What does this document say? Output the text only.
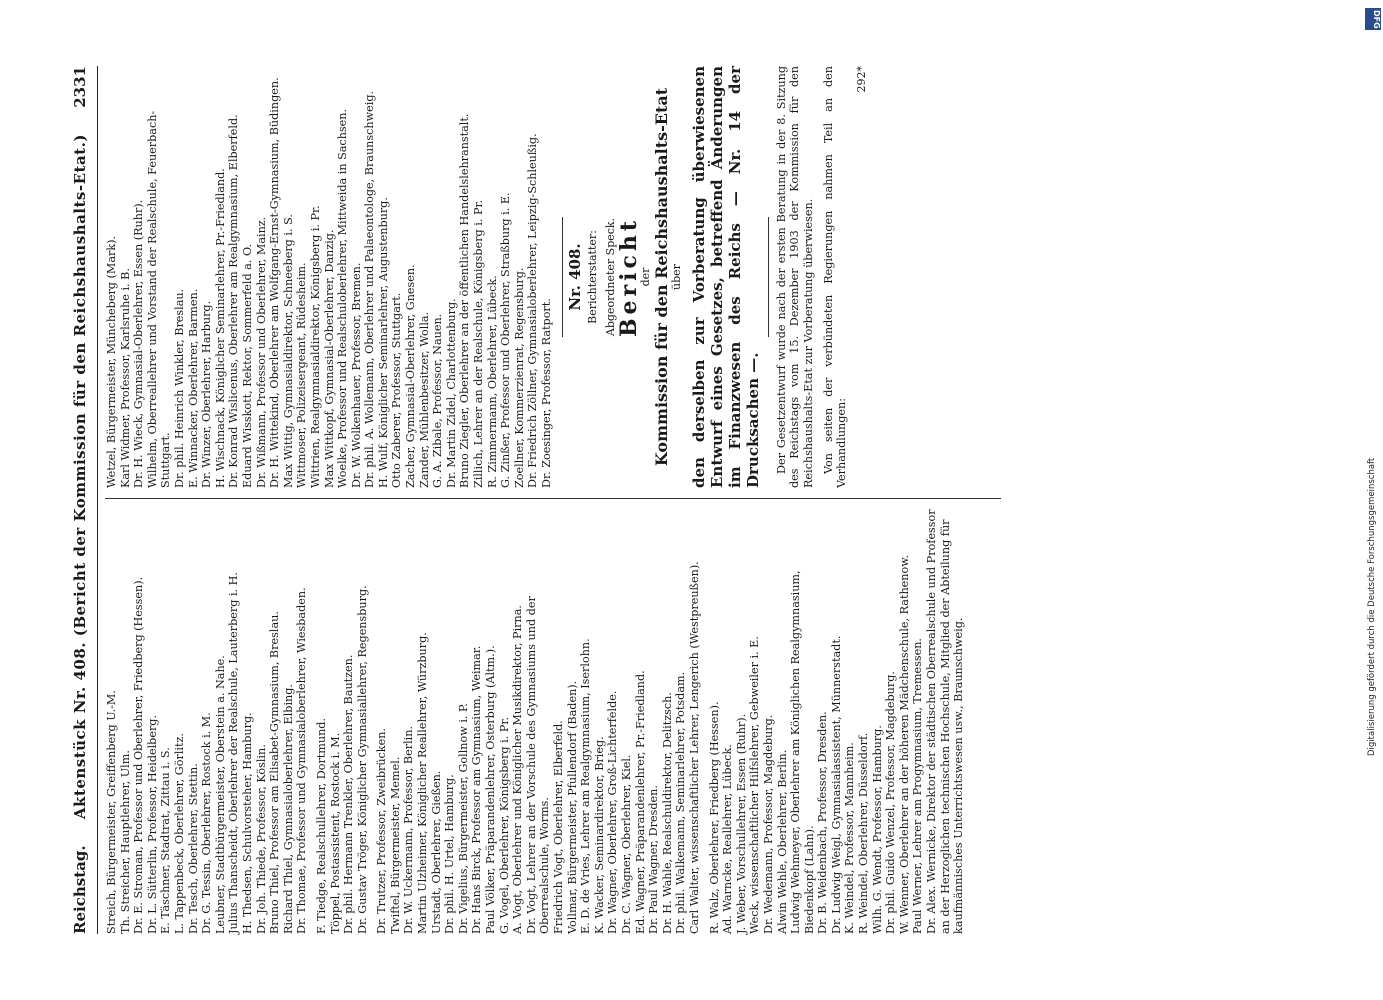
Reichstag.
Aktenstück Nr. 408. (Bericht der Kommission für den Reichshaushalts-Etat.)
2331
Streich, Bürgermeister, Greiffenberg U.-M. Th. Streicher, Hauptlehrer, Ulm. Dr. E. Stroman, Professor und Oberlehrer, Friedberg (Hessen). Dr. L. Sütterlin, Professor, Heidelberg. E. Täschner, Stadtrat, Zittau i. S. L. Tappenbeck, Oberlehrer, Görlitz. Dr. Tesch, Oberlehrer, Stettin. Dr. G. Tessin, Oberlehrer, Rostock i. M. Leubner, Stadtbürgermeister, Oberstein a. Nahe. Julius Thanscheidt, Oberlehrer der Realschule, Lauterberg i. H. H. Thedsen, Schulvorsteher, Hamburg. Dr. Joh. Thiede, Professor, Köslin. Bruno Thiel, Professor am Elisabet-Gymnasium, Breslau. Richard Thiel, Gymnasialoberlehrer, Elbing. Dr. Thomae, Professor und Gymnasialoberlehrer, Wiesbaden. F. Tiedge, Realschullehrer, Dortmund. Töppel, Postassistent, Rostock i. M. Dr. phil. Hermann Trenkler, Oberlehrer, Bautzen. Dr. Gustav Tröger, Königlicher Gymnasiallehrer, Regensburg. Dr. Trutzer, Professor, Zweibrücken. Twiftel, Bürgermeister, Memel. Dr. W. Uckermann, Professor, Berlin. Martin Ulzheimer, Königlicher Reallehrer, Würzburg. Urstadt, Oberlehrer, Gießen. Dr. phil. H. Urtel, Hamburg. Dr. Vigelius, Bürgermeister, Gollnow i. P. Dr. Hans Birck, Professor am Gymnasium, Weimar. Paul Völker, Präparandenlehrer, Osterburg (Altm.). G. Vogel, Oberlehrer, Königsberg i. Pr. A. Vogt, Oberlehrer und Königlicher Musikdirektor, Pirna. Dr. Vogt, Lehrer an der Vorschule des Gymnasiums und der Oberrealschule, Worms. Friedrich Vogt, Oberlehrer, Elberfeld. Vollmar, Bürgermeister, Pfullendorf (Baden). E. D. de Vries, Lehrer am Realgymnasium, Iserlohn. K. Wacker, Seminardirektor, Brieg. Dr. Wagner, Oberlehrer, Groß-Lichterfelde. Dr. C. Wagner, Oberlehrer, Kiel. Ed. Wagner, Präparandenlehrer, Pr.-Friedland. Dr. Paul Wagner, Dresden. Dr. H. Wahle, Realschuldirektor, Delitzsch. Dr. phil. Walkemann, Seminarlehrer, Potsdam. Carl Walter, wissenschaftlicher Lehrer, Lengerich (Westpreußen). R. Walz, Oberlehrer, Friedberg (Hessen). Ad. Warncke, Reallehrer, Lübeck. J. Weber, Vorschullehrer, Essen (Ruhr). Weck, wissenschaftlicher Hilfslehrer, Gebweiler i. E. Dr. Wedemann, Professor, Magdeburg. Alwin Wehle, Oberlehrer, Berlin. Ludwig Wehmeyer, Oberlehrer am Königlichen Realgymnasium, Biedenkopf (Lahn). Dr. B. Weidenbach, Professor, Dresden. Dr. Ludwig Weigl, Gymnasialassistent, Münnerstadt. K. Weindel, Professor, Mannheim. R. Weindel, Oberlehrer, Düsseldorf. Wilh. G. Wendt, Professor, Hamburg. Dr. phil. Guido Wenzel, Professor, Magdeburg. W. Wenner, Oberlehrer an der höheren Mädchenschule, Rathenow. Paul Werner, Lehrer am Progymnasium, Tremessen. Dr. Alex. Wernicke, Direktor der städtischen Oberrealschule und Professor an der Herzoglichen technischen Hochschule, Mitglied der Abteilung für kaufmännisches Unterrichtswesen usw., Braunschweig.
Wetzel, Bürgermeister, Müncheberg (Mark). Karl Widmer, Professor, Karlsruhe i. B. Dr. H. Wieck, Gymnasial-Oberlehrer, Essen (Ruhr). Wilhelm, Oberreallehrer und Vorstand der Realschule, Feuerbach-Stuttgart. Dr. phil. Heinrich Winkler, Breslau. E. Winnacker, Oberlehrer, Barmen. Dr. Winzer, Oberlehrer, Harburg. H. Wischnack, Königlicher Seminarlehrer, Pr.-Friedland. Dr. Konrad Wislicenus, Oberlehrer am Realgymnasium, Elberfeld. Eduard Wisskott, Rektor, Sommerfeld a. O. Dr. Wißmann, Professor und Oberlehrer, Mainz. Dr. H. Wittekind, Oberlehrer am Wolfgang-Ernst-Gymnasium, Büdingen. Max Wittig, Gymnasialdirektor, Schneeberg i. S. Wittmoser, Polizeisergeant, Rüdesheim. Wittrien, Realgymnasialdirektor, Königsberg i. Pr. Max Wittkopf, Gymnasial-Oberlehrer, Danzig. Woelke, Professor und Realschuloberlehrer, Mittweida in Sachsen. Dr. W. Wolkenhauer, Professor, Bremen. Dr. phil. A. Wollemann, Oberlehrer und Palaeontologe, Braunschweig. H. Wulf, Königlicher Seminarlehrer, Augustenburg. Otto Zaberer, Professor, Stuttgart. Zacher, Gymnasial-Oberlehrer, Gnesen. Zander, Mühlenbesitzer, Wolla. G. A. Zibale, Professor, Nauen. Dr. Martin Zidel, Charlottenburg. Bruno Ziegler, Oberlehrer an der öffentlichen Handelslehranstalt. Zillich, Lehrer an der Realschule, Königsberg i. Pr. R. Zimmermann, Oberlehrer, Lübeck. G. Zinßer, Professor und Oberlehrer, Straßburg i. E. Zoellner, Kommerzienrat, Regensburg. Dr. Friedrich Zöllner, Gymnasialoberlehrer, Leipzig-Schleußig. Dr. Zoesinger, Professor, Ratport.
Nr. 408. Berichterstatter: Abgeordneter Speck. Bericht
der Kommission für den Reichshaushalts-Etat über den derselben zur Vorberatung überwiesenen Entwurf eines Gesetzes, betreffend Änderungen im Finanzwesen des Reichs — Nr. 14 der Drucksachen —. Der Gesetzentwurf wurde nach der ersten Beratung in der 8. Sitzung des Reichstags vom 15. Dezember 1903 der Kommission für den Reichshaushalts-Etat zur Vorberatung überwiesen. Von seiten der verbündeten Regierungen nahmen Teil an den Verhandlungen:
292*
DFG
Digitalisierung gefördert durch die Deutsche Forschungsgemeinschaft
